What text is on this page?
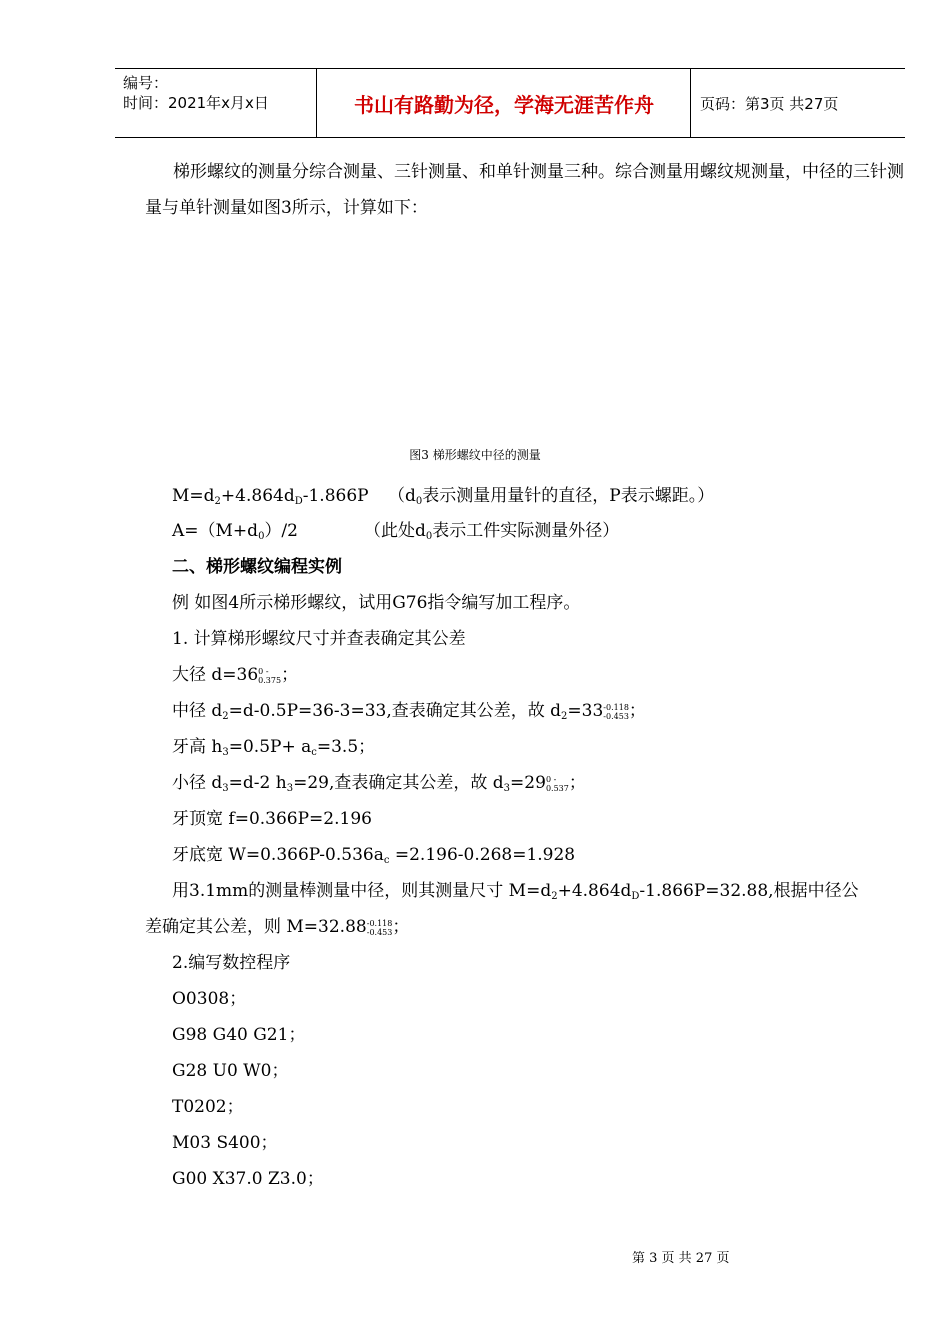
编号：
时间：2021年x月x日	书山有路勤为径，学海无涯苦作舟	页码：第3页 共27页
梯形螺纹的测量分综合测量、三针测量、和单针测量三种。综合测量用螺纹规测量，中径的三针测量与单针测量如图3所示，计算如下：
图3 梯形螺纹中径的测量
$M=d_2+4.864d_D-1.866P$ （$d_0$表示测量用量针的直径，P表示螺距。）
$A=(M+d_0)/2$	（此处$d_0$表示工件实际测量外径）
二、梯形螺纹编程实例
例 如图4所示梯形螺纹，试用G76指令编写加工程序。
1. 计算梯形螺纹尺寸并查表确定其公差
大径 d=36 0 -
0.375 ；
中径 $d_2=d-0.5P=36-3=33$,查表确定其公差，故 $d_2=33$ -0.118
-0.453 ；
牙高 $h_3=0.5P+ a_c=3.5$；
小径 $d_3=d-2$ $h_3=29$,查表确定其公差，故 $d_3=29$ 0 -
0.537 ；
牙顶宽 f=0.366P=2.196
牙底宽 $W=0.366P-0.536a_c =2.196-0.268=1.928$
用3.1mm的测量棒测量中径，则其测量尺寸 $M=d_2+4.864d_D-1.866P=32.88$,根据中径公
差确定其公差，则 M=32.88 -0.118
-0.453 ；
2.编写数控程序
O0308；
G98 G40 G21；
G28 U0 W0；
T0202；
M03 S400；
G00 X37.0 Z3.0；
第 3 页 共 27 页
